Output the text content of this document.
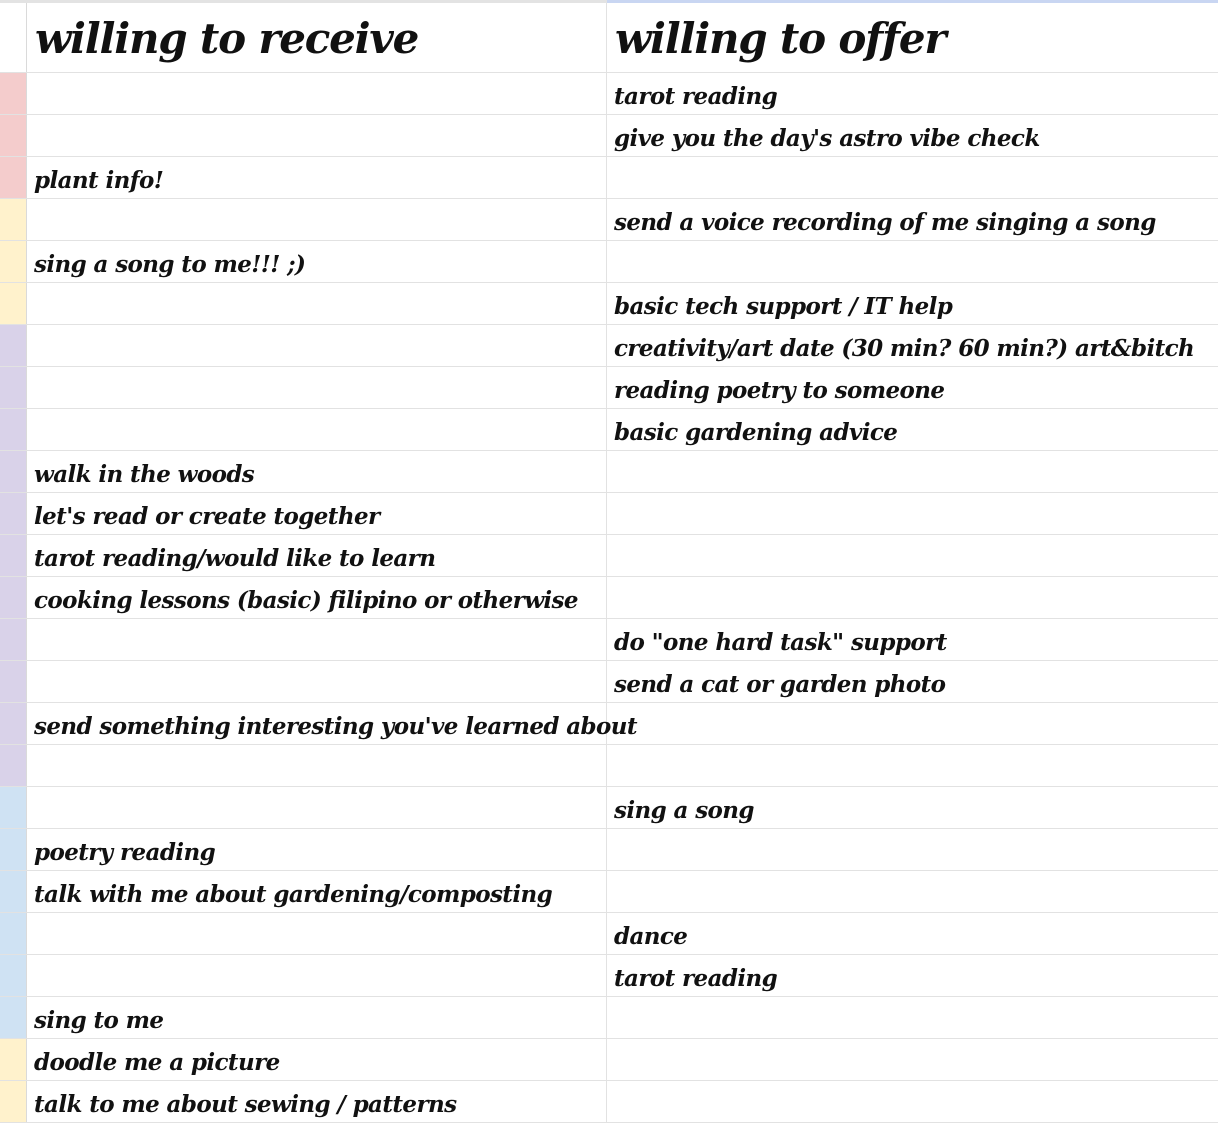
willing to receive	willing to offer
tarot reading
give you the day's astro vibe check
plant info!
send a voice recording of me singing a song
sing a song to me!!! ;)
basic tech support / IT help
creativity/art date (30 min? 60 min?) art&bitch
reading poetry to someone
basic gardening advice
walk in the woods
let's read or create together
tarot reading/would like to learn
cooking lessons (basic) filipino or otherwise
do "one hard task" support
send a cat or garden photo
send something interesting you've learned about
sing a song
poetry reading
talk with me about gardening/composting
dance
tarot reading
sing to me
doodle me a picture
talk to me about sewing / patterns
